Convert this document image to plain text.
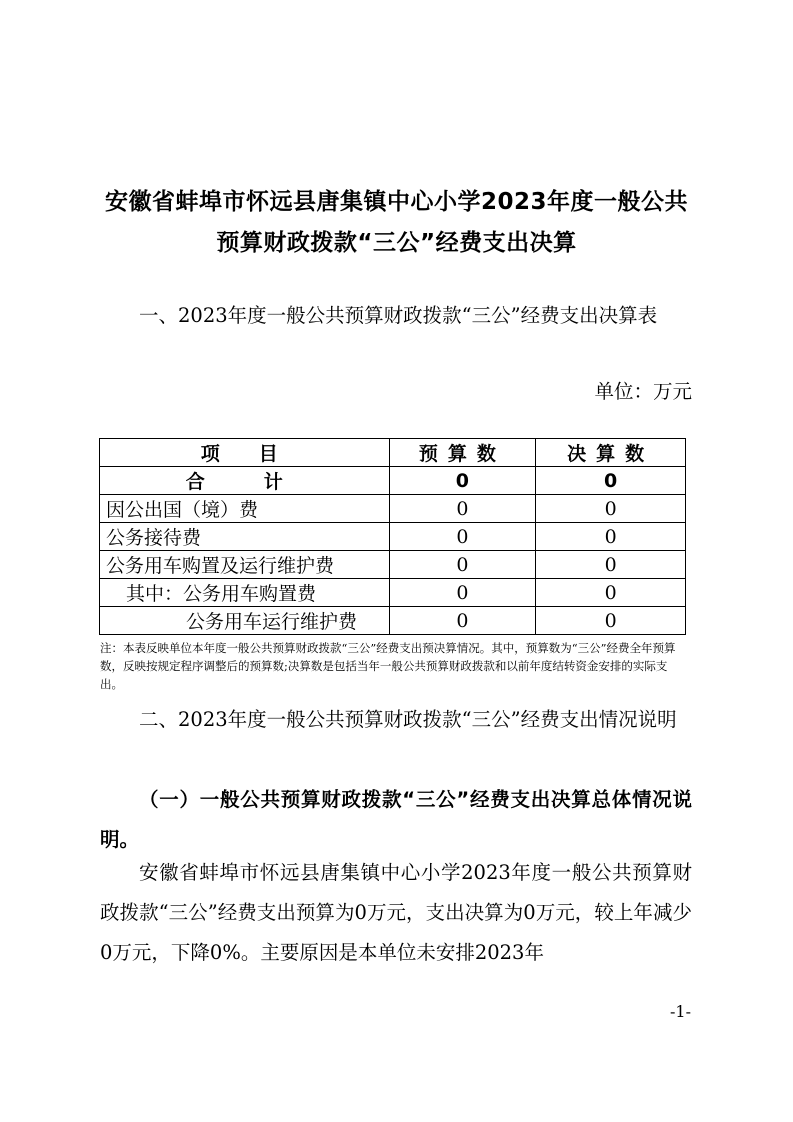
安徽省蚌埠市怀远县唐集镇中心小学2023年度一般公共
预算财政拨款“三公”经费支出决算
一、2023年度一般公共预算财政拨款“三公”经费支出决算表
单位：万元
项　目	预算数	决算数
合　计	0	0
因公出国（境）费	0	0
公务接待费	0	0
公务用车购置及运行维护费	0	0
其中：公务用车购置费	0	0
公务用车运行维护费	0	0
注：本表反映单位本年度一般公共预算财政拨款“三公”经费支出预决算情况。其中，预算数为“三公”经费全年预算数，反映按规定程序调整后的预算数;决算数是包括当年一般公共预算财政拨款和以前年度结转资金安排的实际支出。
二、2023年度一般公共预算财政拨款“三公”经费支出情况说明
（一）一般公共预算财政拨款“三公”经费支出决算总体情况说明。
安徽省蚌埠市怀远县唐集镇中心小学2023年度一般公共预算财政拨款“三公”经费支出预算为0万元，支出决算为0万元，较上年减少0万元，下降0%。主要原因是本单位未安排2023年
-1-
